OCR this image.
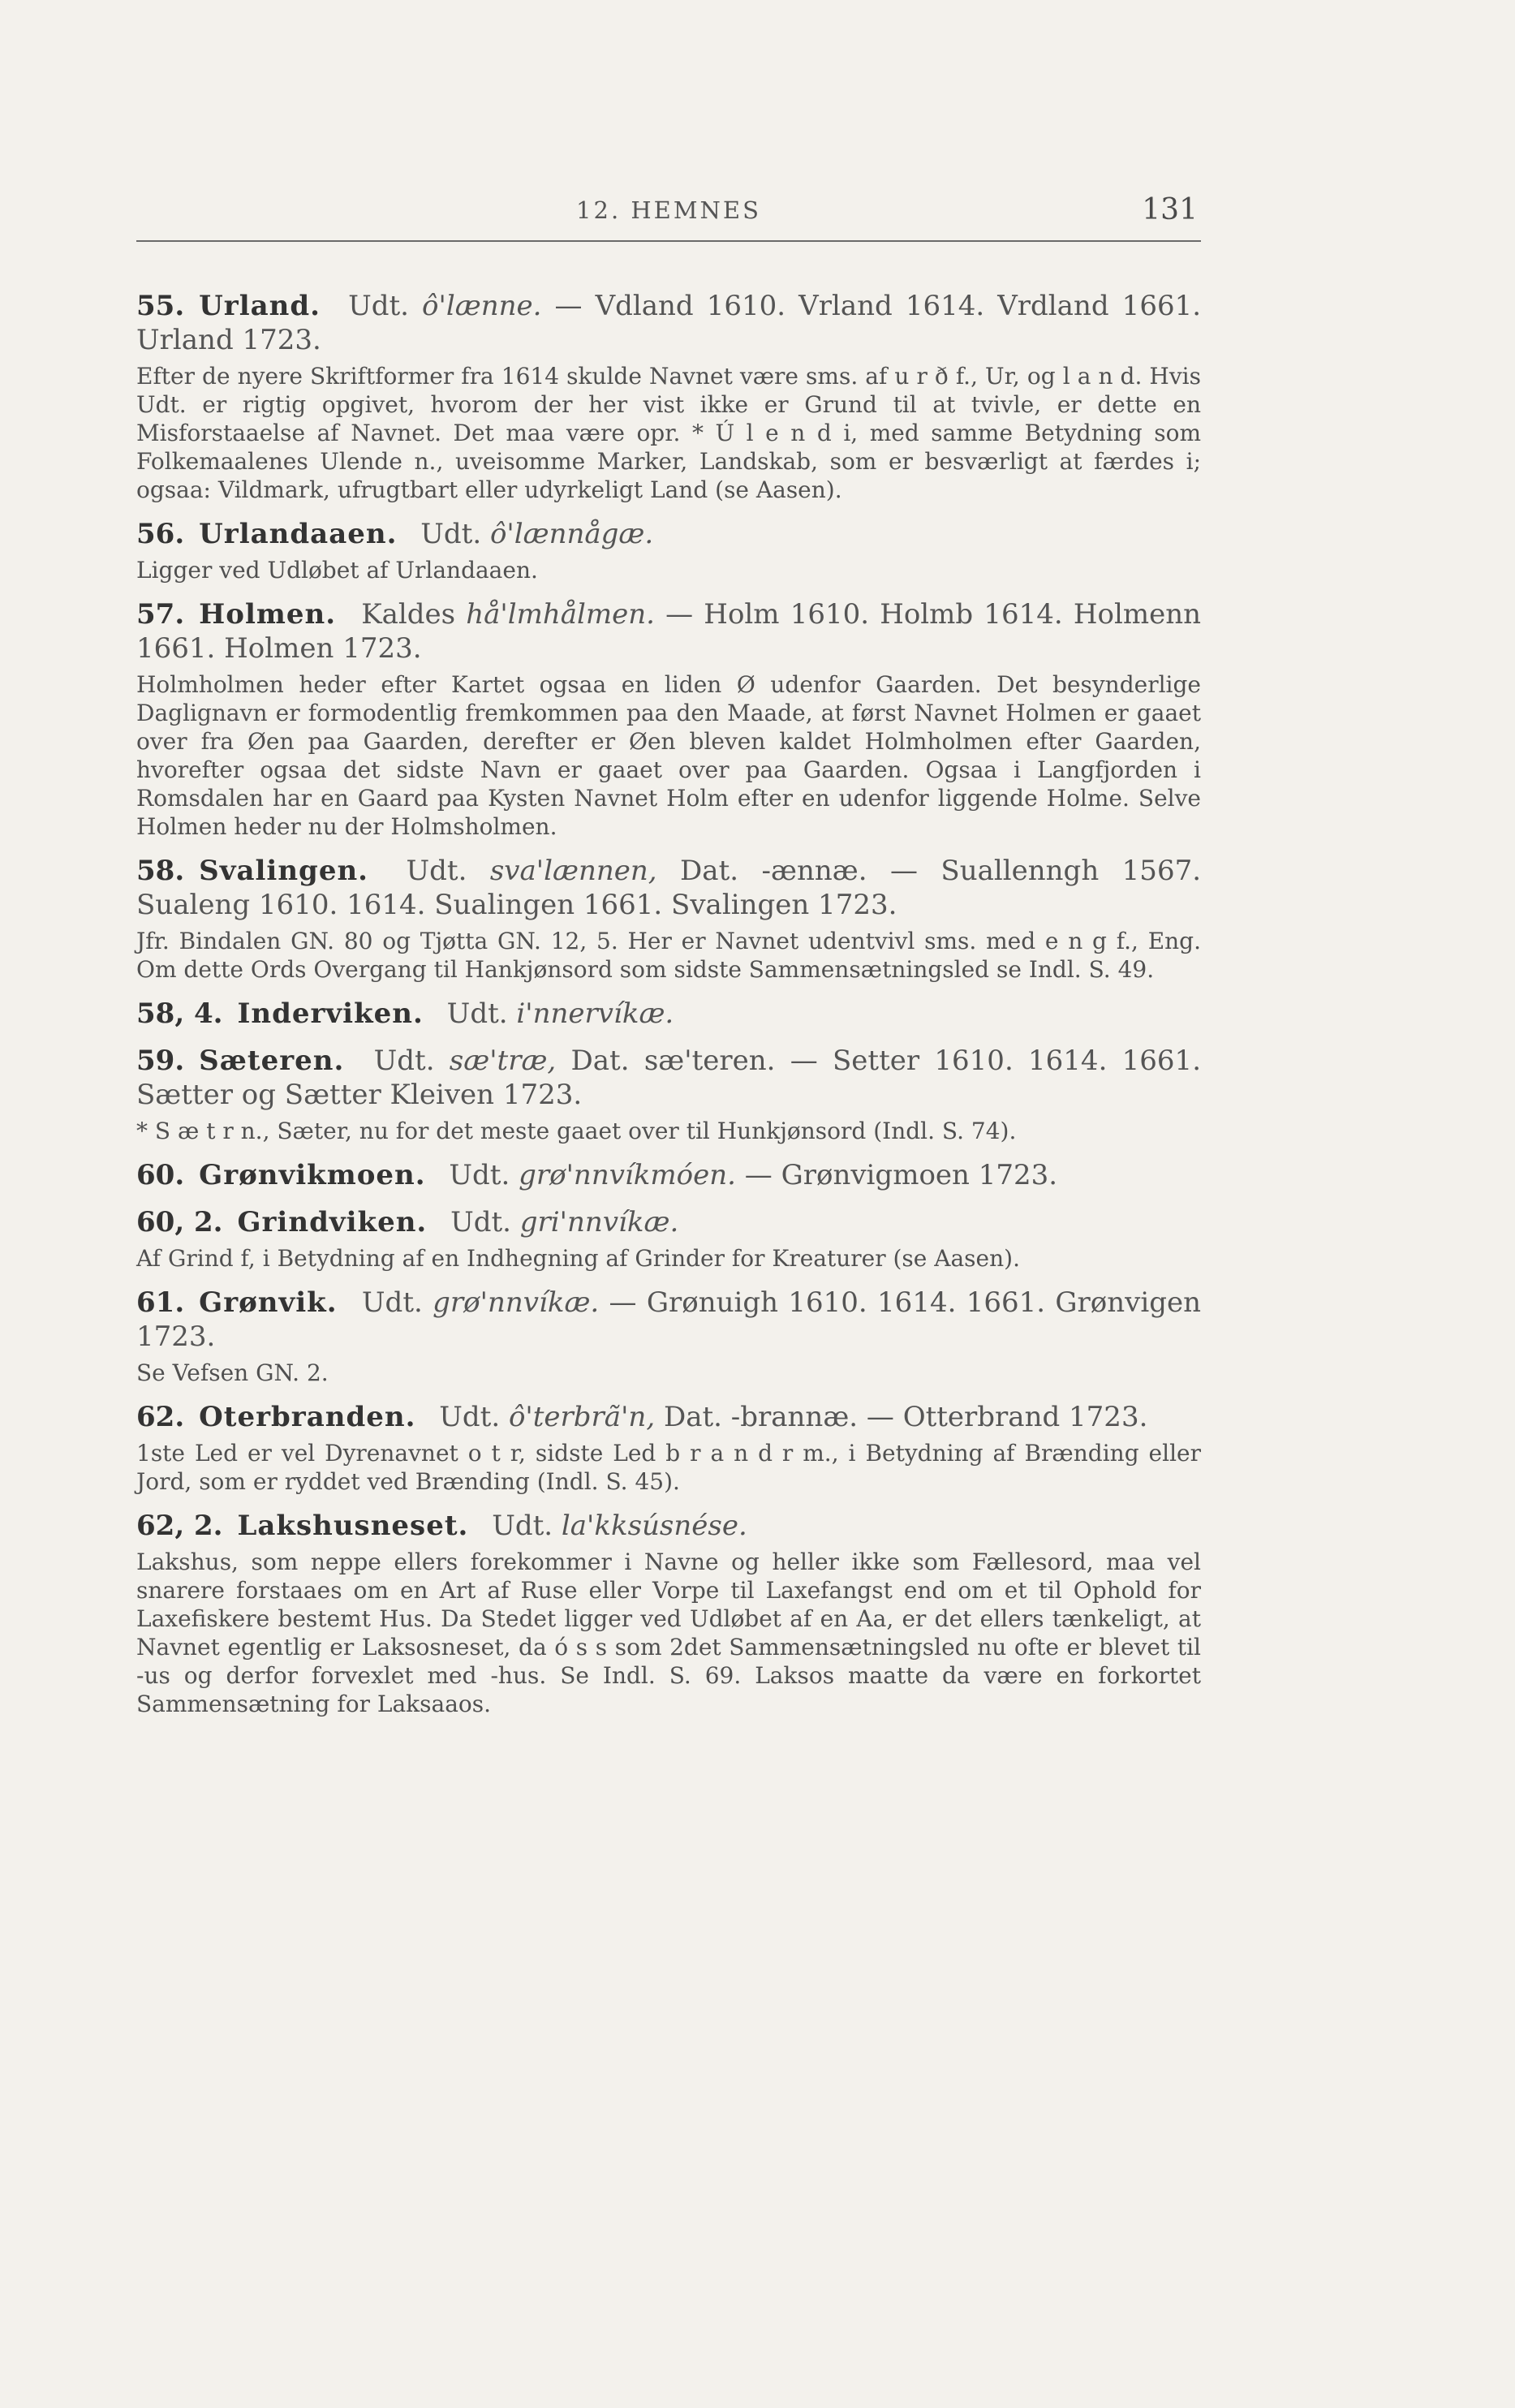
12. HEMNES	131
55. Urland. Udt. ô'lænne. — Vdland 1610. Vrland 1614. Vrdland 1661. Urland 1723.
Efter de nyere Skriftformer fra 1614 skulde Navnet være sms. af u r ð f., Ur, og l a n d. Hvis Udt. er rigtig opgivet, hvorom der her vist ikke er Grund til at tvivle, er dette en Misforstaaelse af Navnet. Det maa være opr. * Ú l e n d i, med samme Betydning som Folkemaalenes Ulende n., uveisomme Marker, Landskab, som er besværligt at færdes i; ogsaa: Vildmark, ufrugtbart eller udyrkeligt Land (se Aasen).
56. Urlandaaen. Udt. ô'lænnågæ.
Ligger ved Udløbet af Urlandaaen.
57. Holmen. Kaldes hå'lmhålmen. — Holm 1610. Holmb 1614. Holmenn 1661. Holmen 1723.
Holmholmen heder efter Kartet ogsaa en liden Ø udenfor Gaarden. Det besynderlige Daglignavn er formodentlig fremkommen paa den Maade, at først Navnet Holmen er gaaet over fra Øen paa Gaarden, derefter er Øen bleven kaldet Holmholmen efter Gaarden, hvorefter ogsaa det sidste Navn er gaaet over paa Gaarden. Ogsaa i Langfjorden i Romsdalen har en Gaard paa Kysten Navnet Holm efter en udenfor liggende Holme. Selve Holmen heder nu der Holmsholmen.
58. Svalingen. Udt. sva'lænnen, Dat. -ænnæ. — Suallenngh 1567. Sualeng 1610. 1614. Sualingen 1661. Svalingen 1723.
Jfr. Bindalen GN. 80 og Tjøtta GN. 12, 5. Her er Navnet udentvivl sms. med e n g f., Eng. Om dette Ords Overgang til Hankjønsord som sidste Sammensætningsled se Indl. S. 49.
58, 4. Inderviken. Udt. i'nnervíkæ.
59. Sæteren. Udt. sæ'træ, Dat. sæ'teren. — Setter 1610. 1614. 1661. Sætter og Sætter Kleiven 1723.
* S æ t r n., Sæter, nu for det meste gaaet over til Hunkjønsord (Indl. S. 74).
60. Grønvikmoen. Udt. grø'nnvíkmóen. — Grønvigmoen 1723.
60, 2. Grindviken. Udt. gri'nnvíkæ.
Af Grind f, i Betydning af en Indhegning af Grinder for Kreaturer (se Aasen).
61. Grønvik. Udt. grø'nnvíkæ. — Grønuigh 1610. 1614. 1661. Grønvigen 1723.
Se Vefsen GN. 2.
62. Oterbranden. Udt. ô'terbrã'n, Dat. -brannæ. — Otterbrand 1723.
1ste Led er vel Dyrenavnet o t r, sidste Led b r a n d r m., i Betydning af Brænding eller Jord, som er ryddet ved Brænding (Indl. S. 45).
62, 2. Lakshusneset. Udt. la'kksúsnése.
Lakshus, som neppe ellers forekommer i Navne og heller ikke som Fællesord, maa vel snarere forstaaes om en Art af Ruse eller Vorpe til Laxefangst end om et til Ophold for Laxefiskere bestemt Hus. Da Stedet ligger ved Udløbet af en Aa, er det ellers tænkeligt, at Navnet egentlig er Laksosneset, da ó s s som 2det Sammensætningsled nu ofte er blevet til -us og derfor forvexlet med -hus. Se Indl. S. 69. Laksos maatte da være en forkortet Sammensætning for Laksaaos.
